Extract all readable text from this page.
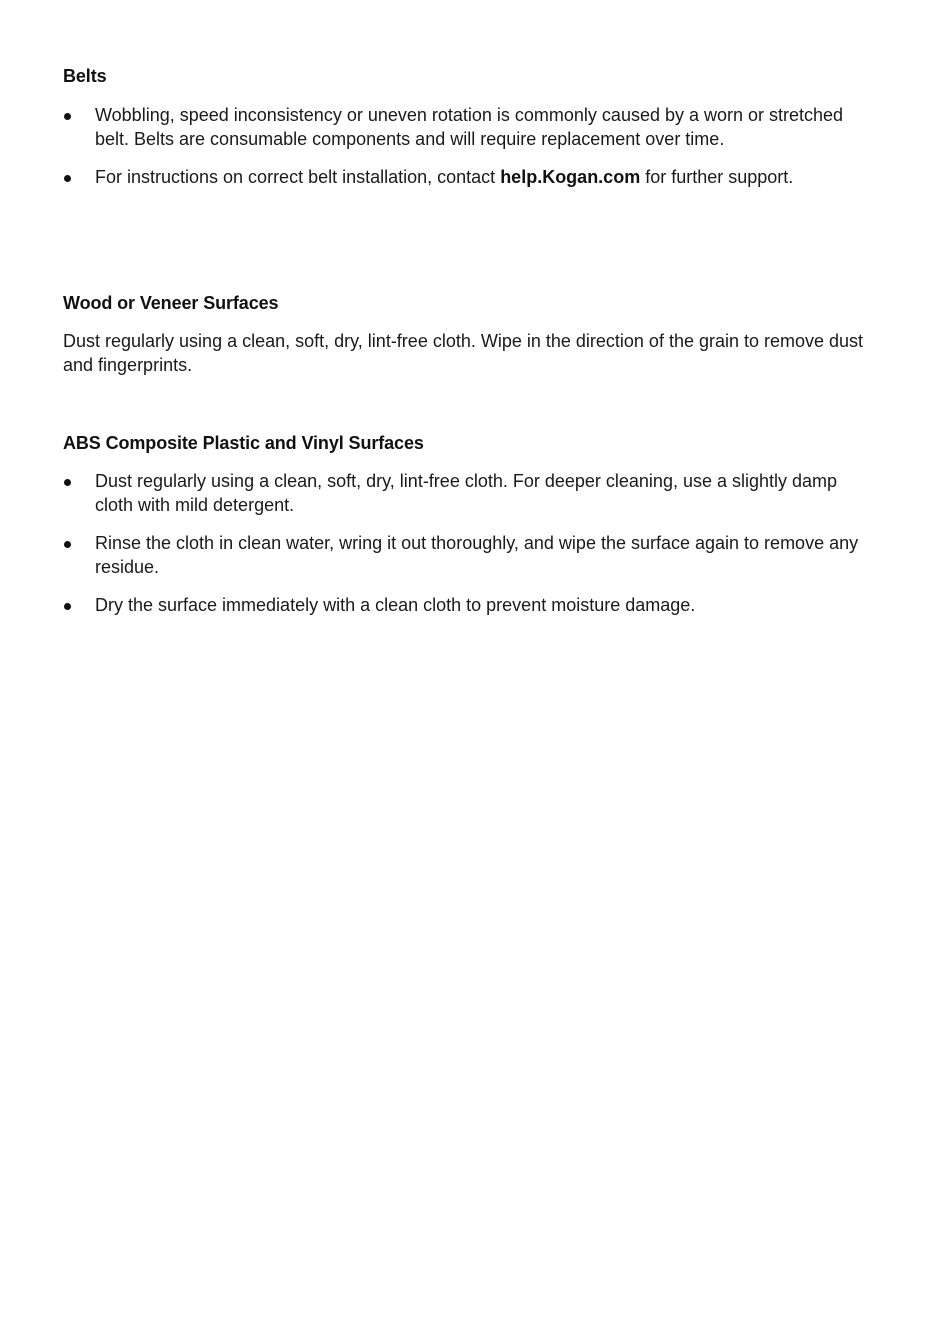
Belts
Wobbling, speed inconsistency or uneven rotation is commonly caused by a worn or stretched belt. Belts are consumable components and will require replacement over time.
For instructions on correct belt installation, contact help.Kogan.com for further support.
Wood or Veneer Surfaces

Dust regularly using a clean, soft, dry, lint-free cloth. Wipe in the direction of the grain to remove dust and fingerprints.

ABS Composite Plastic and Vinyl Surfaces
Dust regularly using a clean, soft, dry, lint-free cloth. For deeper cleaning, use a slightly damp cloth with mild detergent.
Rinse the cloth in clean water, wring it out thoroughly, and wipe the surface again to remove any residue.
Dry the surface immediately with a clean cloth to prevent moisture damage.
